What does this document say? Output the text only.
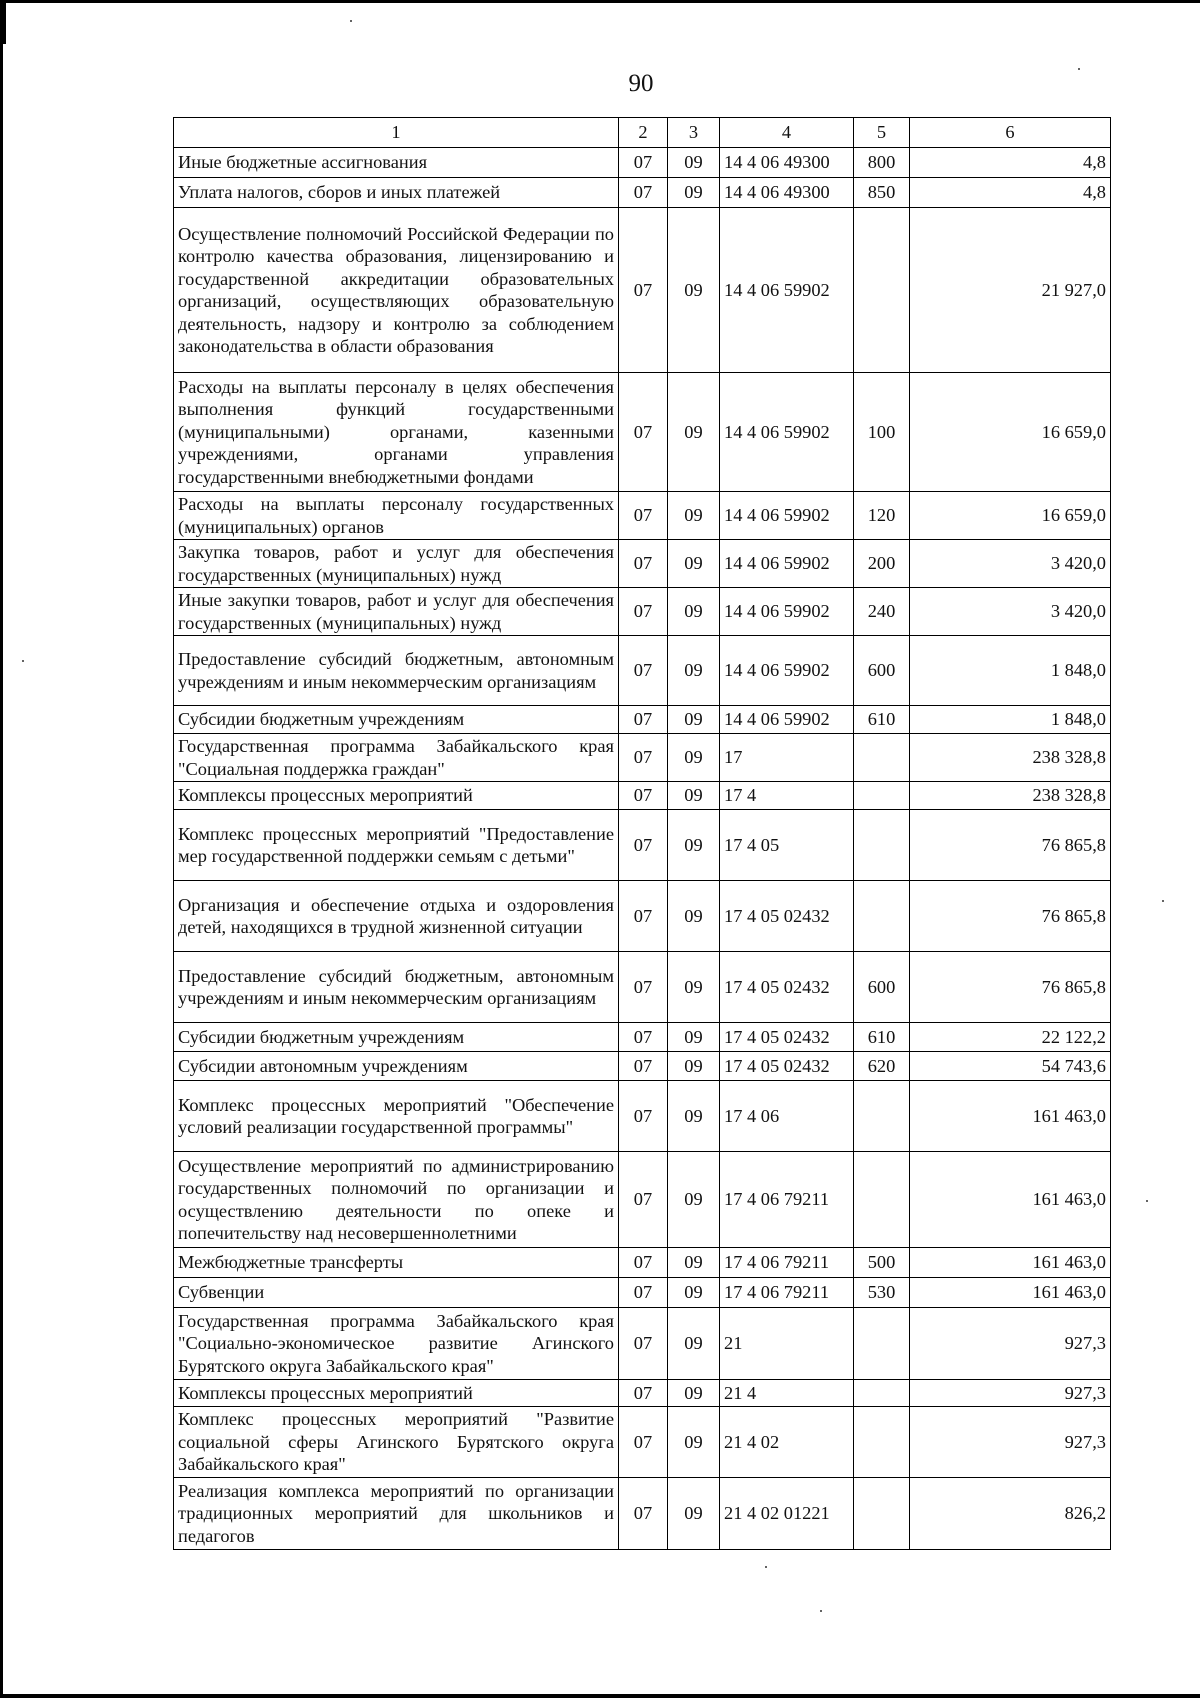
90
1	2	3	4	5	6
Иные бюджетные ассигнования	07	09	14 4 06 49300	800	4,8
Уплата налогов, сборов и иных платежей	07	09	14 4 06 49300	850	4,8
Осуществление полномочий Российской Федерации по контролю качества образования, лицензированию и государственной аккредитации образовательных организаций, осуществляющих образовательную деятельность, надзору и контролю за соблюдением законодательства в области образования	07	09	14 4 06 59902		21 927,0
Расходы на выплаты персоналу в целях обеспечения выполнения функций государственными (муниципальными) органами, казенными учреждениями, органами управления государственными внебюджетными фондами	07	09	14 4 06 59902	100	16 659,0
Расходы на выплаты персоналу государственных (муниципальных) органов	07	09	14 4 06 59902	120	16 659,0
Закупка товаров, работ и услуг для обеспечения государственных (муниципальных) нужд	07	09	14 4 06 59902	200	3 420,0
Иные закупки товаров, работ и услуг для обеспечения государственных (муниципальных) нужд	07	09	14 4 06 59902	240	3 420,0
Предоставление субсидий бюджетным, автономным учреждениям и иным некоммерческим организациям	07	09	14 4 06 59902	600	1 848,0
Субсидии бюджетным учреждениям	07	09	14 4 06 59902	610	1 848,0
Государственная программа Забайкальского края "Социальная поддержка граждан"	07	09	17		238 328,8
Комплексы процессных мероприятий	07	09	17 4		238 328,8
Комплекс процессных мероприятий "Предоставление мер государственной поддержки семьям с детьми"	07	09	17 4 05		76 865,8
Организация и обеспечение отдыха и оздоровления детей, находящихся в трудной жизненной ситуации	07	09	17 4 05 02432		76 865,8
Предоставление субсидий бюджетным, автономным учреждениям и иным некоммерческим организациям	07	09	17 4 05 02432	600	76 865,8
Субсидии бюджетным учреждениям	07	09	17 4 05 02432	610	22 122,2
Субсидии автономным учреждениям	07	09	17 4 05 02432	620	54 743,6
Комплекс процессных мероприятий "Обеспечение условий реализации государственной программы"	07	09	17 4 06		161 463,0
Осуществление мероприятий по администрированию государственных полномочий по организации и осуществлению деятельности по опеке и попечительству над несовершеннолетними	07	09	17 4 06 79211		161 463,0
Межбюджетные трансферты	07	09	17 4 06 79211	500	161 463,0
Субвенции	07	09	17 4 06 79211	530	161 463,0
Государственная программа Забайкальского края "Социально-экономическое развитие Агинского Бурятского округа Забайкальского края"	07	09	21		927,3
Комплексы процессных мероприятий	07	09	21 4		927,3
Комплекс процессных мероприятий "Развитие социальной сферы Агинского Бурятского округа Забайкальского края"	07	09	21 4 02		927,3
Реализация комплекса мероприятий по организации традиционных мероприятий для школьников и педагогов	07	09	21 4 02 01221		826,2
